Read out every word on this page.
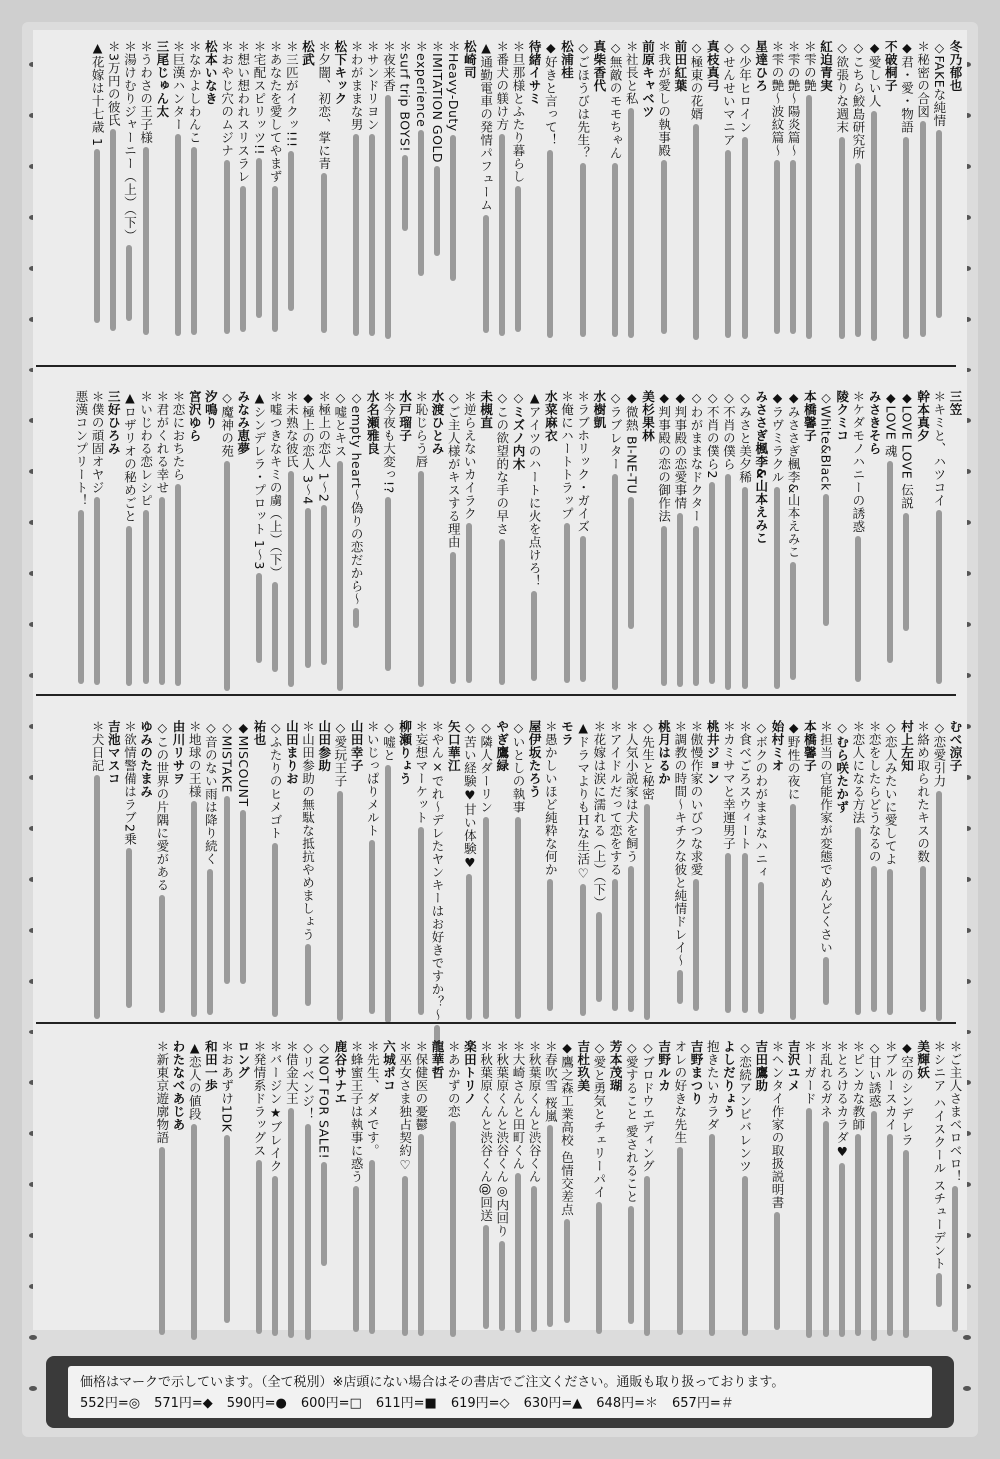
冬乃郁也
◇FAKEな純情
＊秘密の合図
◆君・愛・物語
不破桐子
◆愛しい人
◇こちら鮫島研究所
◇欲張りな週末
紅迫青実
＊雫の艶
＊雫の艶～陽炎篇～
＊雫の艶～波紋篇～
星達ひろ
◇少年ヒロイン
◇せんせいマニア
真枝真弓
◇極東の花婿
前田紅葉
＊我が愛しの執事殿
前原キャベツ
＊社長と私
◇無敵のモモちゃん
真柴香代
◇ごほうびは先生？
松浦桂
◆好きと言って！
待緒イサミ
＊旦那様とふたり暮らし
＊番犬の躾け方
▲通勤電車の発情パフューム
松崎司
＊Heavy-Duty
＊IMITATION GOLD
＊experience
＊surf trip BOYS!
＊夜来香
＊サンドリヨン
＊わがままな男
松下キック
＊夕闇、初恋、掌に青
松武
＊三匹がイクッ!!!
＊あなたを愛してやまず
＊宅配スピリッツ!!
＊想い想われスリスラレ
＊おやじ穴のムジナ
松本いなき
＊なかよしわんこ
＊巨漢ハンター
三尾じゅん太
＊うわさの王子様
＊湯けむりジャーニー（上）（下）
＊3万円の彼氏
▲花嫁は十七歳 1
三笠
＊キミと、ハツコイ
幹本真夕
◆LOVE LOVE 伝説
◆LOVE 魂
みさきそら
＊ケダモノハニーの誘惑
陵クミコ
◇White&Black
本橋馨子
◆みささぎ楓李&山本えみこ
◆ラヴミラクル
みささぎ楓李&山本えみこ
◇みさと美夕稀
◇不肖の僕ら
◇不肖の僕ら2
◇わがままなドクター
◆判事殿の恋愛事情
◆判事殿の恋の御作法
美杉果林
◆微熱 BI-NE-TU
◇ラブレター
水樹凱
＊ラブホリック・ガイズ
＊俺にハートトラップ
水菜麻衣
▲アイツのハートに火を点けろ！
◇ミズノ内木
◇この欲望的な手の早さ
未槻直
＊逆らえないカイラク
◇ご主人様がキスする理由
水渡ひとみ
＊恥じらう唇
水戸瑠子
＊今夜も大変っ!?
水名瀬雅良
◇empty heart～偽りの恋だから～
◇嘘とキス
＊極上の恋人 1～2
◆極上の恋人 3～4
＊未熟な彼氏
＊嘘つきなキミの虜（上）（下）
▲シンデレラ・プロット 1～3
みなみ恵夢
◇魔神の苑
汐鳴り
宮沢ゆら
＊恋におちたら
＊君がくれる幸せ
＊いじわる恋レシピ
▲ロザリオの秘めごと
三好ひろみ
＊僕の頑固オヤジ
悪漢コンプリート！
むべ涼子
◇恋愛引力
＊絡め取られたキスの数
村上左知
◇恋人みたいに愛してよ
＊恋をしたらどうなるの
＊恋人になる方法
◇むら咲たかず
＊担当の官能作家が変態でめんどくさい
本橋馨子
◆野性の夜に
始村ミオ
◇ボクのわがままなハニィ
＊食べごろスウィート
＊カミサマと幸運男子
桃井ジョン
＊傲慢作家のいびつな求愛
＊調教の時間～キチクな彼と純情ドレイ～
桃月はるか
◇先生と秘密
＊人気小説家は犬を飼う
＊アイドルだって恋をする
＊花嫁は涙に濡れる（上）（下）
▲ドラマよりもＨな生活♡
モラ
＊愚かしいほど純粋な何か
屋伊坂たろう
◇いとしの執事
やぎ鷹緑
◇隣人ダーリン
◇苦い経験♥甘い体験♥
矢口華江
＊やん×でれ～デレたヤンキーはお好きですか？～
＊妄想マーケット
柳瀬りょう
◇嘘と
＊いじっぱりメルト
山田幸子
◇愛玩王子
山田参助
＊山田参助の無駄な抵抗やめましょう
山田まりお
◇ふたりのヒメゴト
祐也
◆MISCOUNT
◇MISTAKE
◇音のない雨は降り続く
＊地球の王様
由川リサヲ
◇この世界の片隅に愛がある
ゆみのたまみ
＊欲情警備はラブ2乗
吉池マスコ
＊犬日記
＊ご主人さまベロベロ！
＊シニア ハイスクール スチューデント
美輝妖
◆空のシンデレラ
＊ブルースカイ
◇甘い誘惑
＊ピンカな教師
＊とろけるカラダ♥
＊乱れるガネ
＊ーガード
吉沢ユメ
＊ヘンタイ作家の取扱説明書
吉田鷹助
◇恋続アンビバレンツ
よしだりょう
抱きたいカラダ
吉野まつり
オレの好きな先生
吉野ルカ
◇ブロドウエディング
◇愛すること 愛されること
芳本茂瑚
◇愛と勇気とチェリーパイ
吉杜玖美
◆鷹之森工業高校 色情交差点
＊春吹雪 桜嵐
＊秋葉原くんと渋谷くん
＊大崎さんと田町くん
＊秋葉原くんと渋谷くん◎内回り
＊秋葉原くんと渋谷くん@回送
楽田トリノ
＊あかずの恋
龍華哲
＊保健医の憂鬱
＊巫女さま独占契約♡
六城ポコ
＊先生、ダメです。
＊蜂蜜王子は執事に惑う
鹿谷サナエ
◇NOT FOR SALE!
◇リベンジ！
＊借金大王
＊バージン★ブレイク
＊発情系ドラッグス
ロング
＊おあずけ1DK
和田一歩
▲恋人の値段
わたなべあじあ
＊新東京遊廓物語
価格はマークで示しています。（全て税別）※店頭にない場合はその書店でご注文ください。通販も取り扱っております。
552円=◎ 571円=◆ 590円=● 600円=□ 611円=■ 619円=◇ 630円=▲ 648円=＊ 657円=＃
